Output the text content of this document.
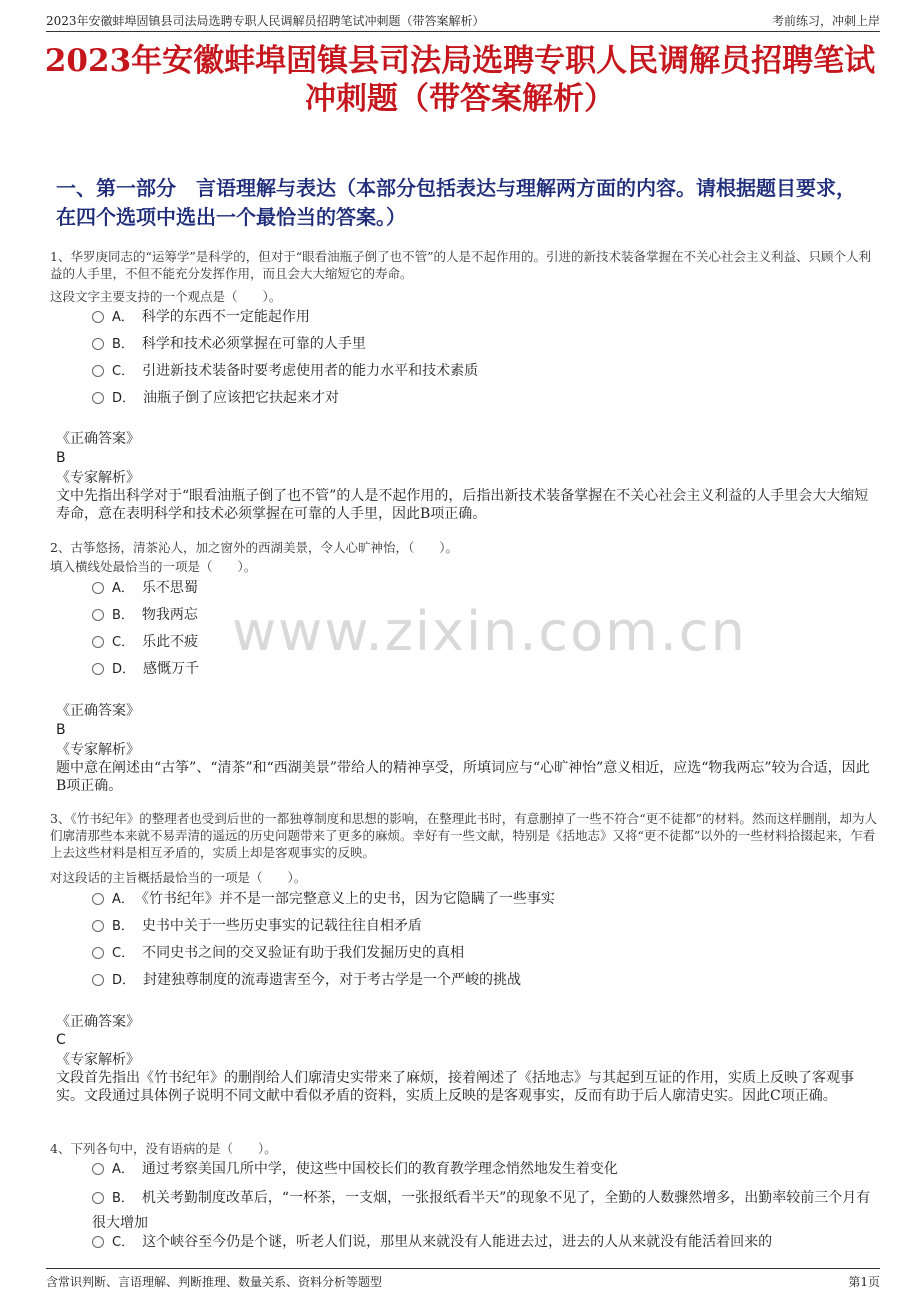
2023年安徽蚌埠固镇县司法局选聘专职人民调解员招聘笔试冲刺题（带答案解析）	考前练习，冲刺上岸
2023年安徽蚌埠固镇县司法局选聘专职人民调解员招聘笔试冲刺题（带答案解析）
一、第一部分　言语理解与表达（本部分包括表达与理解两方面的内容。请根据题目要求，在四个选项中选出一个最恰当的答案。）
www.zixin.com.cn

1、华罗庚同志的“运筹学”是科学的，但对于“眼看油瓶子倒了也不管”的人是不起作用的。引进的新技术装备掌握在不关心社会主义利益、只顾个人利益的人手里，不但不能充分发挥作用，而且会大大缩短它的寿命。

这段文字主要支持的一个观点是（　　）。

A． 科学的东西不一定能起作用
B． 科学和技术必须掌握在可靠的人手里
C． 引进新技术装备时要考虑使用者的能力水平和技术素质
D． 油瓶子倒了应该把它扶起来才对
《正确答案》
B
《专家解析》

文中先指出科学对于“眼看油瓶子倒了也不管”的人是不起作用的，后指出新技术装备掌握在不关心社会主义利益的人手里会大大缩短寿命，意在表明科学和技术必须掌握在可靠的人手里，因此B项正确。

2、古筝悠扬，清茶沁人，加之窗外的西湖美景，令人心旷神怡，（　　）。

填入横线处最恰当的一项是（　　）。

A． 乐不思蜀
B． 物我两忘
C． 乐此不疲
D． 感慨万千
《正确答案》
B
《专家解析》

题中意在阐述由“古筝”、“清茶”和“西湖美景”带给人的精神享受，所填词应与“心旷神怡”意义相近，应选“物我两忘”较为合适，因此B项正确。

3、《竹书纪年》的整理者也受到后世的一都独尊制度和思想的影响，在整理此书时，有意删掉了一些不符合“更不徒都”的材料。然而这样删削，却为人们廓清那些本来就不易弄清的遥远的历史问题带来了更多的麻烦。幸好有一些文献，特别是《括地志》又将“更不徒都”以外的一些材料拾掇起来，乍看上去这些材料是相互矛盾的，实质上却是客观事实的反映。

对这段话的主旨概括最恰当的一项是（　　）。

A． 《竹书纪年》并不是一部完整意义上的史书，因为它隐瞒了一些事实
B． 史书中关于一些历史事实的记载往往自相矛盾
C． 不同史书之间的交叉验证有助于我们发掘历史的真相
D． 封建独尊制度的流毒遗害至今，对于考古学是一个严峻的挑战
《正确答案》
C
《专家解析》

文段首先指出《竹书纪年》的删削给人们廓清史实带来了麻烦，接着阐述了《括地志》与其起到互证的作用，实质上反映了客观事实。文段通过具体例子说明不同文献中看似矛盾的资料，实质上反映的是客观事实，反而有助于后人廓清史实。因此C项正确。

4、下列各句中，没有语病的是（　　）。

A． 通过考察美国几所中学，使这些中国校长们的教育教学理念悄然地发生着变化
B． 机关考勤制度改革后，“一杯茶，一支烟，一张报纸看半天”的现象不见了，全勤的人数骤然增多，出勤率较前三个月有很大增加
C． 这个峡谷至今仍是个谜，听老人们说，那里从来就没有人能进去过，进去的人从来就没有能活着回来的
含常识判断、言语理解、判断推理、数量关系、资料分析等题型	第1页
